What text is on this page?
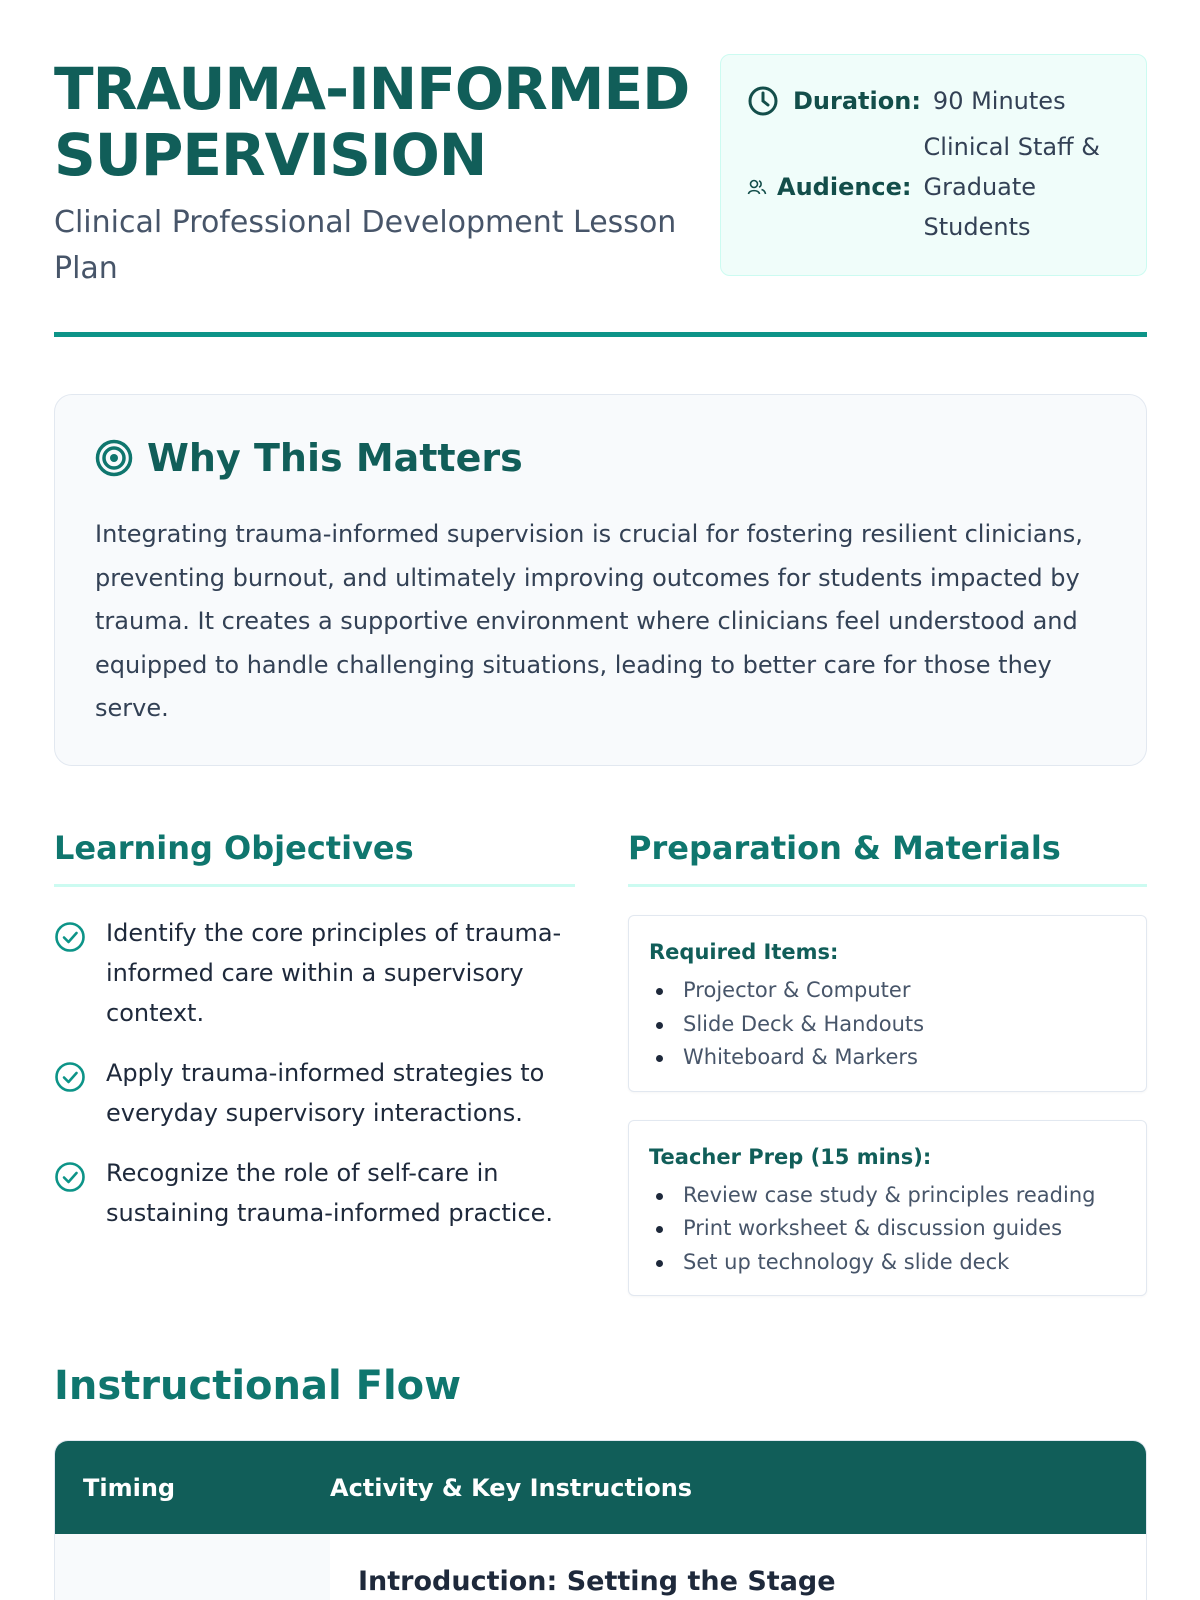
TRAUMA-INFORMED
SUPERVISION
Clinical Professional Development Lesson Plan
Duration: 90 Minutes
Audience:
Clinical Staff & Graduate Students
Why This Matters

Integrating trauma-informed supervision is crucial for fostering resilient clinicians, preventing burnout, and ultimately improving outcomes for students impacted by trauma. It creates a supportive environment where clinicians feel understood and equipped to handle challenging situations, leading to better care for those they serve.

Learning Objectives
Identify the core principles of trauma-informed care within a supervisory context.
Apply trauma-informed strategies to everyday supervisory interactions.
Recognize the role of self-care in sustaining trauma-informed practice.
Preparation & Materials
Required Items:
Projector & Computer
Slide Deck & Handouts
Whiteboard & Markers
Teacher Prep (15 mins):
Review case study & principles reading
Print worksheet & discussion guides
Set up technology & slide deck
Instructional Flow
Timing	Activity & Key Instructions
Introduction: Setting the Stage
